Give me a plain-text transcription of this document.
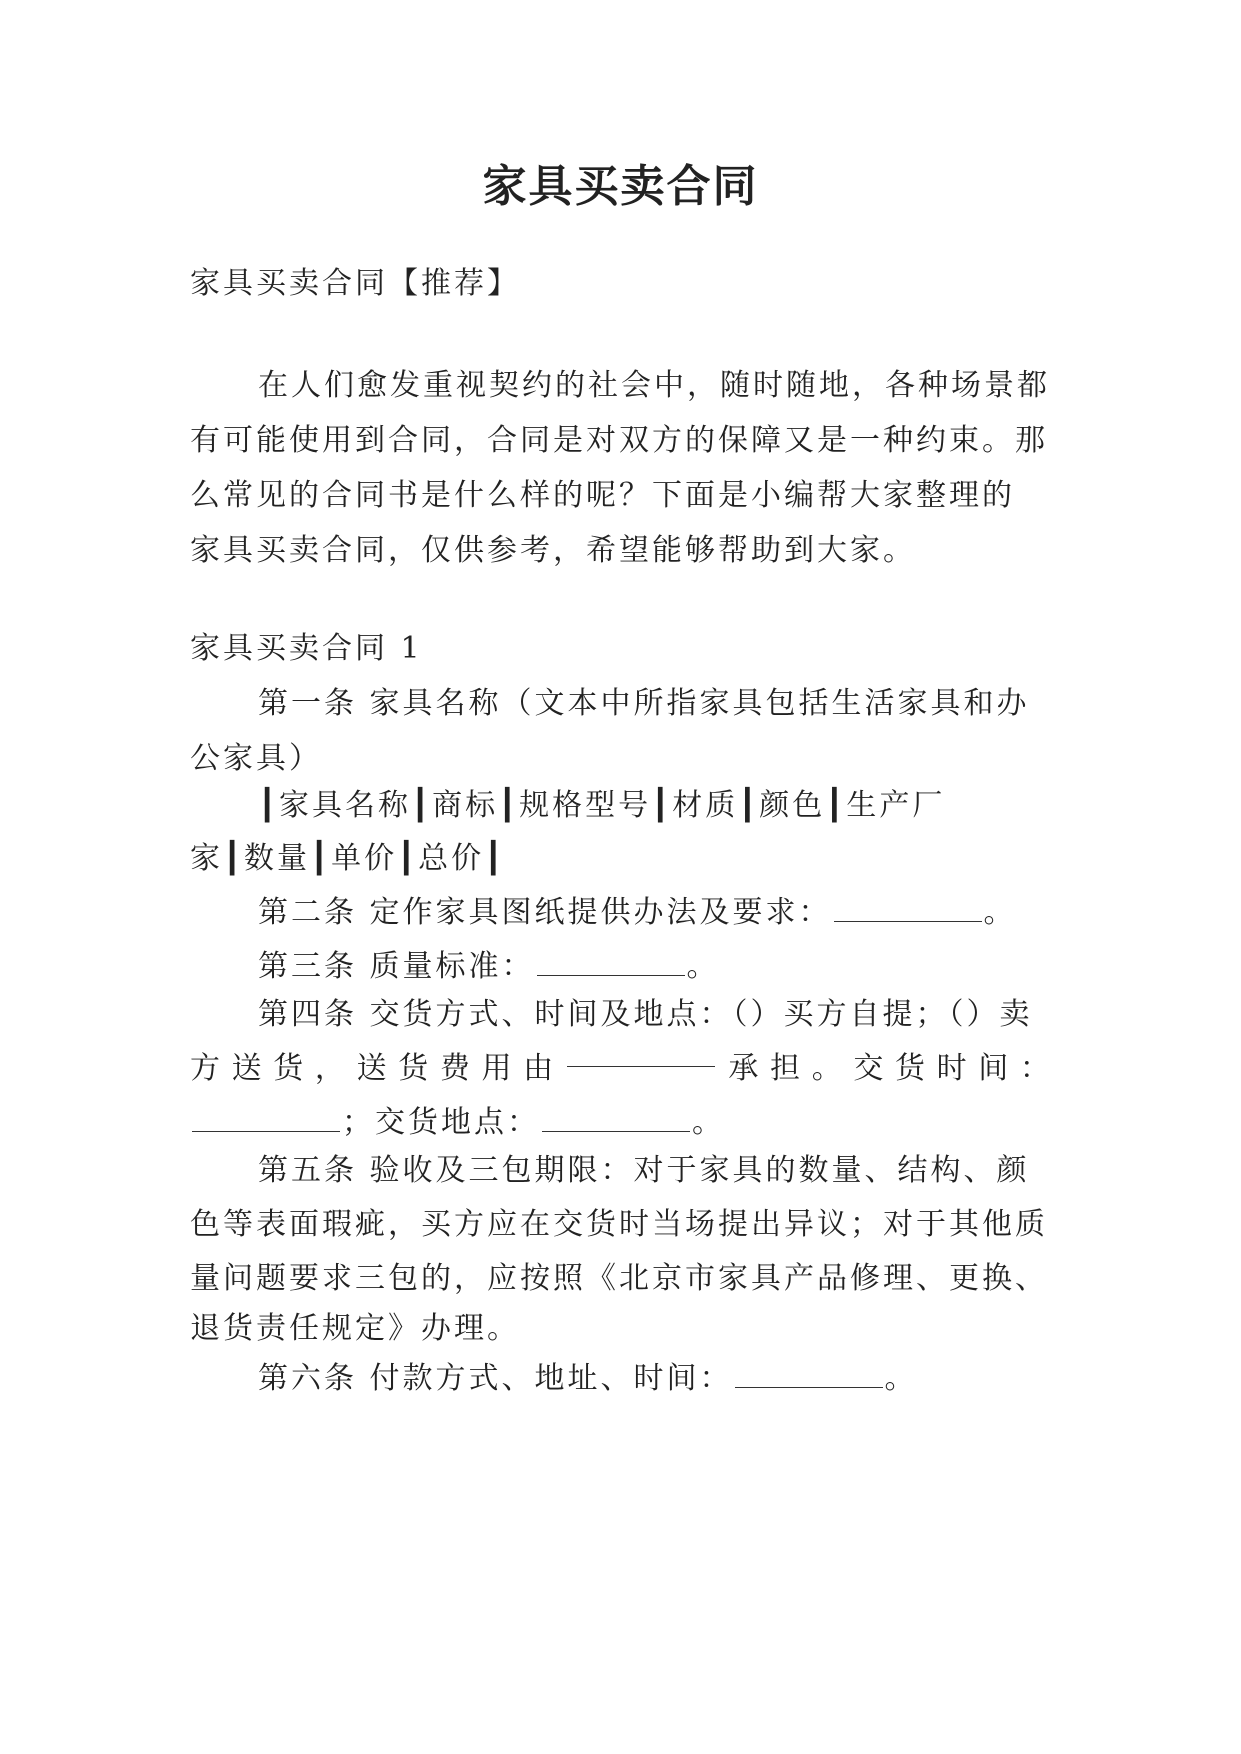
家具买卖合同
家具买卖合同【推荐】
在人们愈发重视契约的社会中，随时随地，各种场景都
有可能使用到合同，合同是对双方的保障又是一种约束。那
么常见的合同书是什么样的呢？下面是小编帮大家整理的
家具买卖合同，仅供参考，希望能够帮助到大家。
家具买卖合同 1
第一条 家具名称（文本中所指家具包括生活家具和办
公家具）
┃家具名称┃商标┃规格型号┃材质┃颜色┃生产厂
家┃数量┃单价┃总价┃
第二条 定作家具图纸提供办法及要求：	。
第三条 质量标准：	。
第四条 交货方式、时间及地点：（）买方自提；（）卖
方 送 货 ， 送 货 费 用 由	承 担 。 交 货 时 间 ：
；交货地点：	。
第五条 验收及三包期限：对于家具的数量、结构、颜
色等表面瑕疵，买方应在交货时当场提出异议；对于其他质
量问题要求三包的，应按照《北京市家具产品修理、更换、
退货责任规定》办理。
第六条 付款方式、地址、时间：	。
